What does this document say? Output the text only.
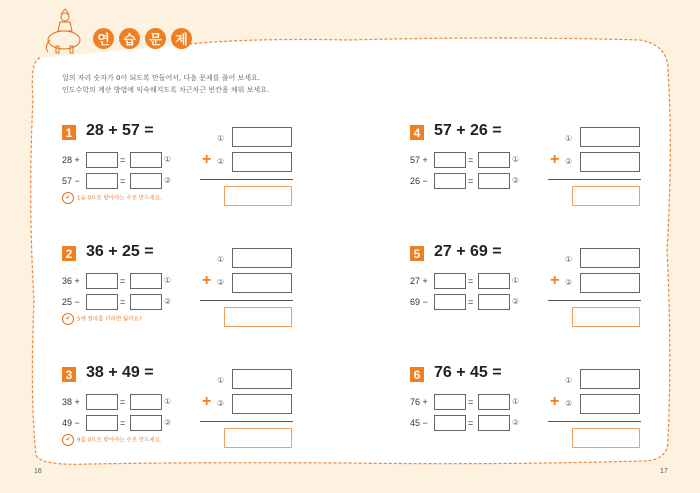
연	습	문	제
일의 자리 숫자가 0이 되도록 만들어서, 다음 문제를 풀어 보세요.
인도수학의 계산 방법에 익숙해지도록 차근차근 빈칸을 채워 보세요.
1 28 + 57 =
28 +	=	①
57 −	=	②
✔ 1을 0으로 받아야는 수로 만드세요.
①
+ ②
2 36 + 25 =
36 +	=	①
25 −	=	②
✔ 5에 얼마를 더하면 될까요?
①
+ ②
3 38 + 49 =
38 +	=	①
49 −	=	②
✔ 9를 0으로 받아야는 수로 만드세요.
①
+ ②
4 57 + 26 =
57 +	=	①
26 −	=	②
①
+ ②
5 27 + 69 =
27 +	=	①
69 −	=	②
①
+ ②
6 76 + 45 =
76 +	=	①
45 −	=	②
①
+ ②
16	17
